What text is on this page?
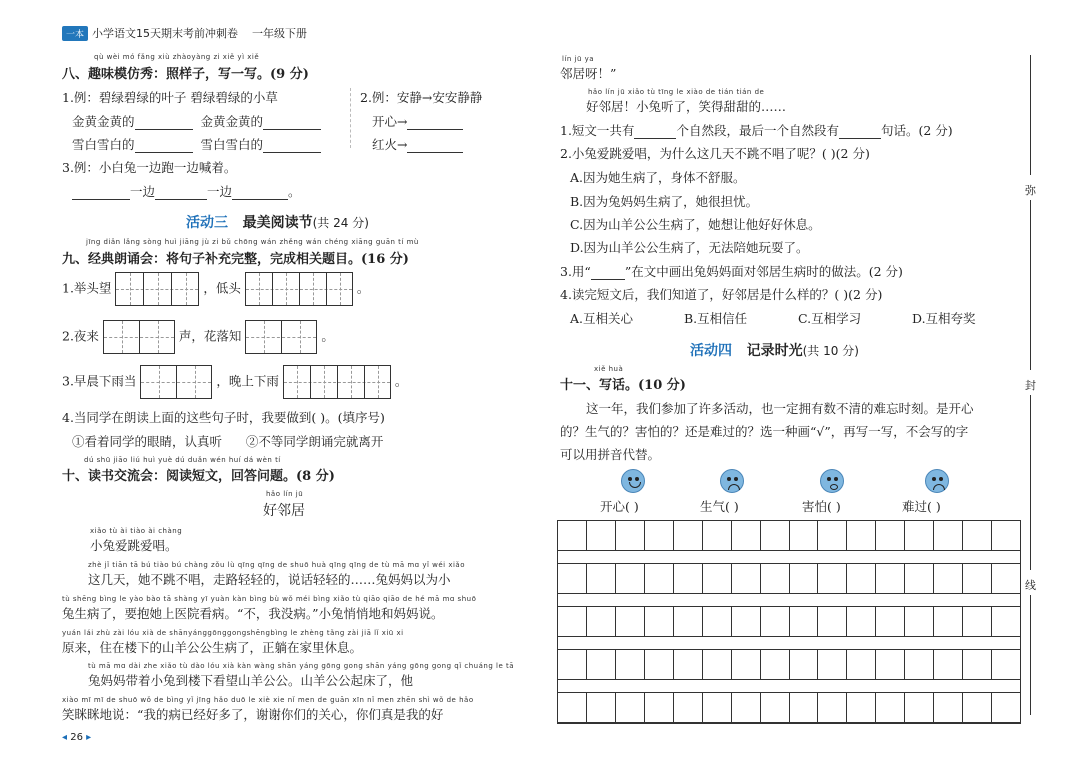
一本 小学语文15天期末考前冲刺卷 一年级下册
qù wèi mó fǎng xiù zhàoyàng zi xiě yì xiě
八、趣味模仿秀：照样子，写一写。(9 分)
1.例：碧绿碧绿的叶子 碧绿碧绿的小草
金黄金黄的	金黄金黄的
雪白雪白的	雪白雪白的
2.例：安静→安安静静
开心→
红火→
3.例：小白兔一边跑一边喊着。
一边	一边	。
活动三 最美阅读节(共 24 分)
jīng diǎn lǎng sòng huì jiāng jù zi bǔ chōng wán zhěng wán chéng xiāng guān tí mù
九、经典朗诵会：将句子补充完整，完成相关题目。(16 分)
1.举头望	，低头	。
2.夜来	声，花落知	。
3.早晨下雨当	，晚上下雨	。
4.当同学在朗读上面的这些句子时，我要做到( )。(填序号)
①看着同学的眼睛，认真听 ②不等同学朗诵完就离开
dú shū jiāo liú huì yuè dú duǎn wén huí dá wèn tí
十、读书交流会：阅读短文，回答问题。(8 分)
hǎo lín jū
好邻居
xiǎo tù ài tiào ài chàng
小兔爱跳爱唱。
zhè jǐ tiān tā bú tiào bú chàng zǒu lù qīng qīng de shuō huà qīng qīng de tù mā mɑ yǐ wéi xiǎo
这几天，她不跳不唱，走路轻轻的，说话轻轻的……兔妈妈以为小
tù shēng bìng le yào bào tā shàng yī yuàn kàn bìng bù wǒ méi bìng xiǎo tù qiāo qiāo de hé mā mɑ shuō
兔生病了，要抱她上医院看病。“不，我没病。”小兔悄悄地和妈妈说。
yuán lái zhù zài lóu xià de shānyánggōnggongshēngbìng le zhèng tǎng zài jiā lǐ xiū xi
原来，住在楼下的山羊公公生病了，正躺在家里休息。
tù mā mɑ dài zhe xiǎo tù dào lóu xià kàn wàng shān yáng gōng gong shān yáng gōng gong qǐ chuáng le tā
兔妈妈带着小兔到楼下看望山羊公公。山羊公公起床了，他
xiào mī mī de shuō wǒ de bìng yǐ jīng hǎo duō le xiè xie nǐ men de guān xīn nǐ men zhēn shì wǒ de hǎo
笑眯眯地说：“我的病已经好多了，谢谢你们的关心，你们真是我的好
◂ 26 ▸
lín jū ya
邻居呀！”
hǎo lín jū xiǎo tù tīng le xiào de tián tián de
好邻居！小兔听了，笑得甜甜的……
1.短文一共有	个自然段，最后一个自然段有	句话。(2 分)
2.小兔爱跳爱唱，为什么这几天不跳不唱了呢？( )(2 分)
A.因为她生病了，身体不舒服。
B.因为兔妈妈生病了，她很担忧。
C.因为山羊公公生病了，她想让他好好休息。
D.因为山羊公公生病了，无法陪她玩耍了。
3.用“	”在文中画出兔妈妈面对邻居生病时的做法。(2 分)
4.读完短文后，我们知道了，好邻居是什么样的？( )(2 分)
A.互相关心	B.互相信任	C.互相学习	D.互相夸奖
活动四 记录时光(共 10 分)
xiě huà
十一、写话。(10 分)
这一年，我们参加了许多活动，也一定拥有数不清的难忘时刻。是开心
的？生气的？害怕的？还是难过的？选一种画“√”，再写一写，不会写的字
可以用拼音代替。
开心( )	生气( )	害怕( )	难过( )
弥
封
线
